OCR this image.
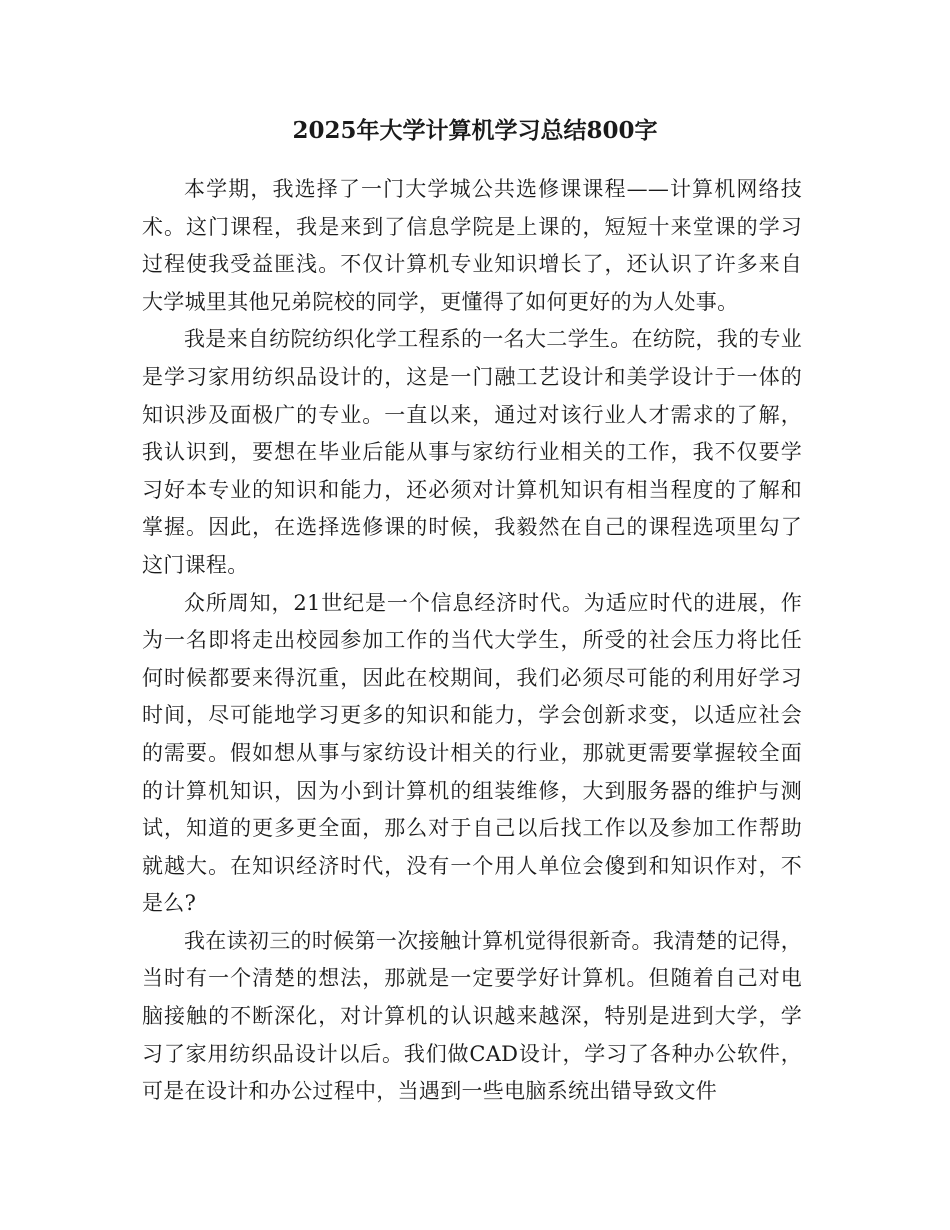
2025年大学计算机学习总结800字

本学期，我选择了一门大学城公共选修课课程——计算机网络技术。这门课程，我是来到了信息学院是上课的，短短十来堂课的学习过程使我受益匪浅。不仅计算机专业知识增长了，还认识了许多来自大学城里其他兄弟院校的同学，更懂得了如何更好的为人处事。

我是来自纺院纺织化学工程系的一名大二学生。在纺院，我的专业是学习家用纺织品设计的，这是一门融工艺设计和美学设计于一体的知识涉及面极广的专业。一直以来，通过对该行业人才需求的了解，我认识到，要想在毕业后能从事与家纺行业相关的工作，我不仅要学习好本专业的知识和能力，还必须对计算机知识有相当程度的了解和掌握。因此，在选择选修课的时候，我毅然在自己的课程选项里勾了这门课程。

众所周知，21世纪是一个信息经济时代。为适应时代的进展，作为一名即将走出校园参加工作的当代大学生，所受的社会压力将比任何时候都要来得沉重，因此在校期间，我们必须尽可能的利用好学习时间，尽可能地学习更多的知识和能力，学会创新求变，以适应社会的需要。假如想从事与家纺设计相关的行业，那就更需要掌握较全面的计算机知识，因为小到计算机的组装维修，大到服务器的维护与测试，知道的更多更全面，那么对于自己以后找工作以及参加工作帮助就越大。在知识经济时代，没有一个用人单位会傻到和知识作对，不是么?

我在读初三的时候第一次接触计算机觉得很新奇。我清楚的记得，当时有一个清楚的想法，那就是一定要学好计算机。但随着自己对电脑接触的不断深化，对计算机的认识越来越深，特别是进到大学，学习了家用纺织品设计以后。我们做CAD设计，学习了各种办公软件，可是在设计和办公过程中，当遇到一些电脑系统出错导致文件
